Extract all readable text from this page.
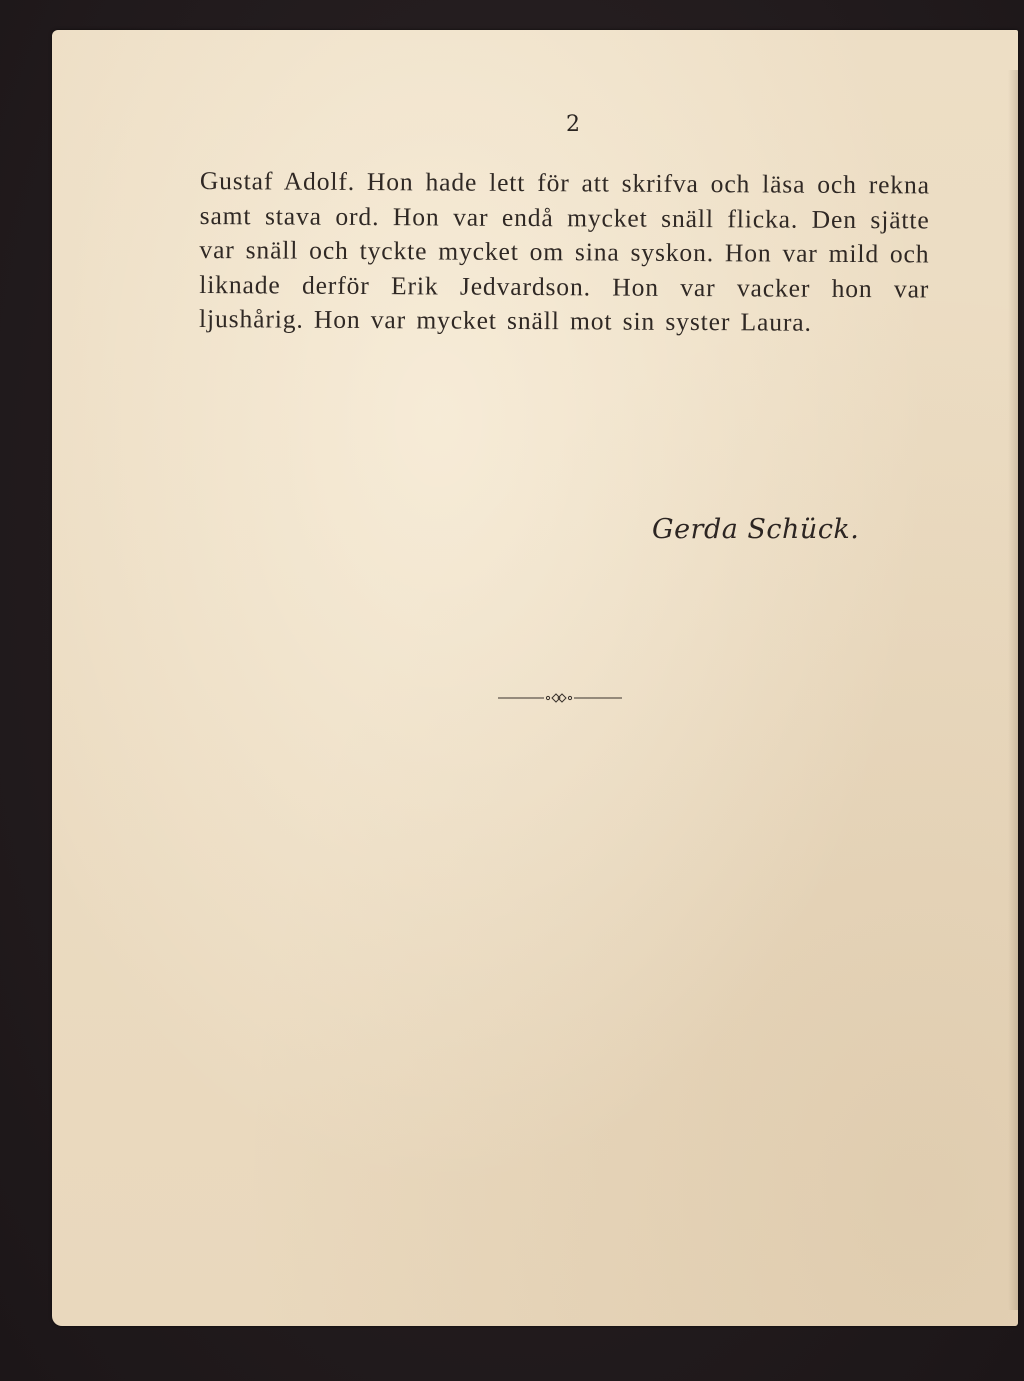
2

Gustaf Adolf. Hon hade lett för att skrifva och läsa och rekna samt stava ord. Hon var endå mycket snäll flicka. Den sjätte var snäll och tyckte mycket om sina syskon. Hon var mild och liknade derför Erik Jedvardson. Hon var vacker hon var ljushårig. Hon var mycket snäll mot sin syster Laura.

Gerda Schück.
